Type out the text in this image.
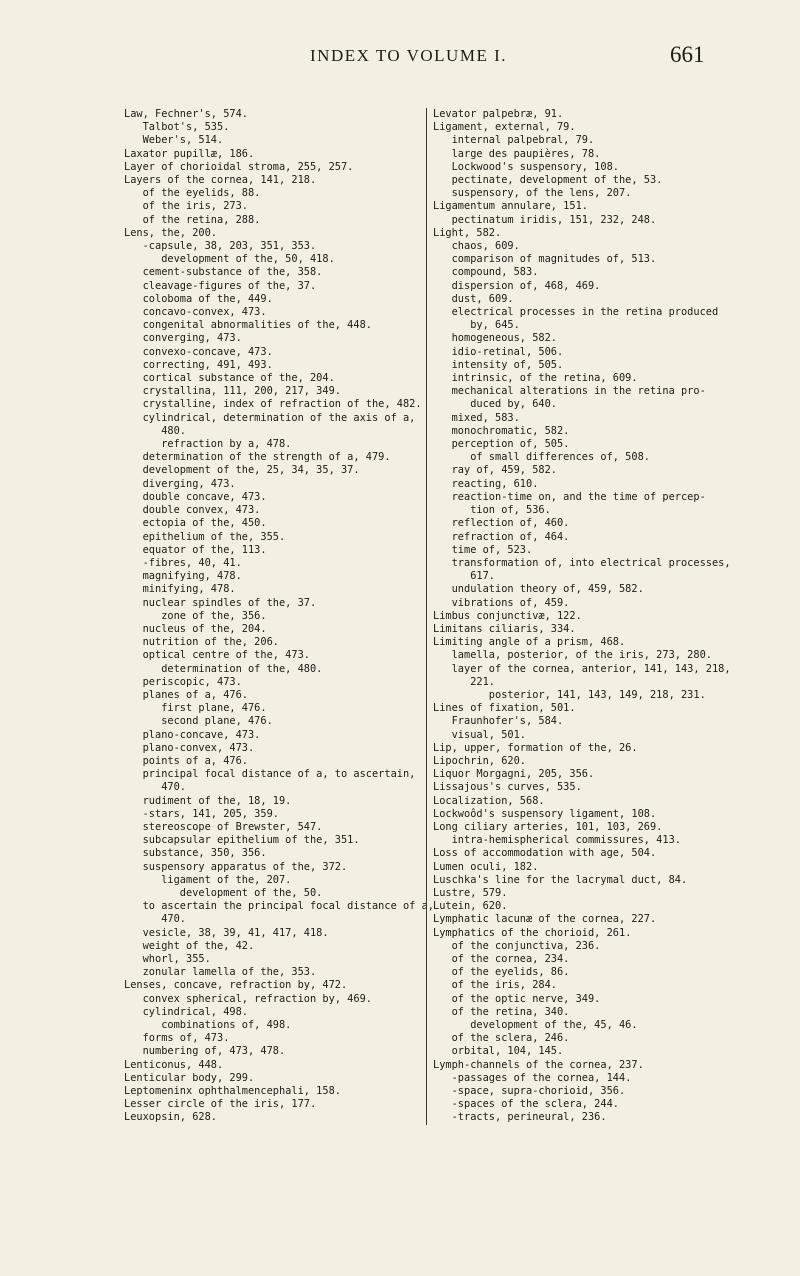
INDEX TO VOLUME I.	661
Law, Fechner's, 574.
Talbot's, 535.
Weber's, 514.
Laxator pupillæ, 186.
Layer of chorioidal stroma, 255, 257.
Layers of the cornea, 141, 218.
of the eyelids, 88.
of the iris, 273.
of the retina, 288.
Lens, the, 200.
-capsule, 38, 203, 351, 353.
development of the, 50, 418.
cement-substance of the, 358.
cleavage-figures of the, 37.
coloboma of the, 449.
concavo-convex, 473.
congenital abnormalities of the, 448.
converging, 473.
convexo-concave, 473.
correcting, 491, 493.
cortical substance of the, 204.
crystallina, 111, 200, 217, 349.
crystalline, index of refraction of the, 482.
cylindrical, determination of the axis of a,
480.
refraction by a, 478.
determination of the strength of a, 479.
development of the, 25, 34, 35, 37.
diverging, 473.
double concave, 473.
double convex, 473.
ectopia of the, 450.
epithelium of the, 355.
equator of the, 113.
-fibres, 40, 41.
magnifying, 478.
minifying, 478.
nuclear spindles of the, 37.
zone of the, 356.
nucleus of the, 204.
nutrition of the, 206.
optical centre of the, 473.
determination of the, 480.
periscopic, 473.
planes of a, 476.
first plane, 476.
second plane, 476.
plano-concave, 473.
plano-convex, 473.
points of a, 476.
principal focal distance of a, to ascertain,
470.
rudiment of the, 18, 19.
-stars, 141, 205, 359.
stereoscope of Brewster, 547.
subcapsular epithelium of the, 351.
substance, 350, 356.
suspensory apparatus of the, 372.
ligament of the, 207.
development of the, 50.
to ascertain the principal focal distance of a,
470.
vesicle, 38, 39, 41, 417, 418.
weight of the, 42.
whorl, 355.
zonular lamella of the, 353.
Lenses, concave, refraction by, 472.
convex spherical, refraction by, 469.
cylindrical, 498.
combinations of, 498.
forms of, 473.
numbering of, 473, 478.
Lenticonus, 448.
Lenticular body, 299.
Leptomeninx ophthalmencephali, 158.
Lesser circle of the iris, 177.
Leuxopsin, 628.
Levator palpebræ, 91.
Ligament, external, 79.
internal palpebral, 79.
large des paupières, 78.
Lockwood's suspensory, 108.
pectinate, development of the, 53.
suspensory, of the lens, 207.
Ligamentum annulare, 151.
pectinatum iridis, 151, 232, 248.
Light, 582.
chaos, 609.
comparison of magnitudes of, 513.
compound, 583.
dispersion of, 468, 469.
dust, 609.
electrical processes in the retina produced
by, 645.
homogeneous, 582.
idio-retinal, 506.
intensity of, 505.
intrinsic, of the retina, 609.
mechanical alterations in the retina pro-
duced by, 640.
mixed, 583.
monochromatic, 582.
perception of, 505.
of small differences of, 508.
ray of, 459, 582.
reacting, 610.
reaction-time on, and the time of percep-
tion of, 536.
reflection of, 460.
refraction of, 464.
time of, 523.
transformation of, into electrical processes,
617.
undulation theory of, 459, 582.
vibrations of, 459.
Limbus conjunctivæ, 122.
Limitans ciliaris, 334.
Limiting angle of a prism, 468.
lamella, posterior, of the iris, 273, 280.
layer of the cornea, anterior, 141, 143, 218,
221.
posterior, 141, 143, 149, 218, 231.
Lines of fixation, 501.
Fraunhofer's, 584.
visual, 501.
Lip, upper, formation of the, 26.
Lipochrin, 620.
Liquor Morgagni, 205, 356.
Lissajous's curves, 535.
Localization, 568.
Lockwoôd's suspensory ligament, 108.
Long ciliary arteries, 101, 103, 269.
intra-hemispherical commissures, 413.
Loss of accommodation with age, 504.
Lumen oculi, 182.
Luschka's line for the lacrymal duct, 84.
Lustre, 579.
Lutein, 620.
Lymphatic lacunæ of the cornea, 227.
Lymphatics of the chorioid, 261.
of the conjunctiva, 236.
of the cornea, 234.
of the eyelids, 86.
of the iris, 284.
of the optic nerve, 349.
of the retina, 340.
development of the, 45, 46.
of the sclera, 246.
orbital, 104, 145.
Lymph-channels of the cornea, 237.
-passages of the cornea, 144.
-space, supra-chorioid, 356.
-spaces of the sclera, 244.
-tracts, perineural, 236.
